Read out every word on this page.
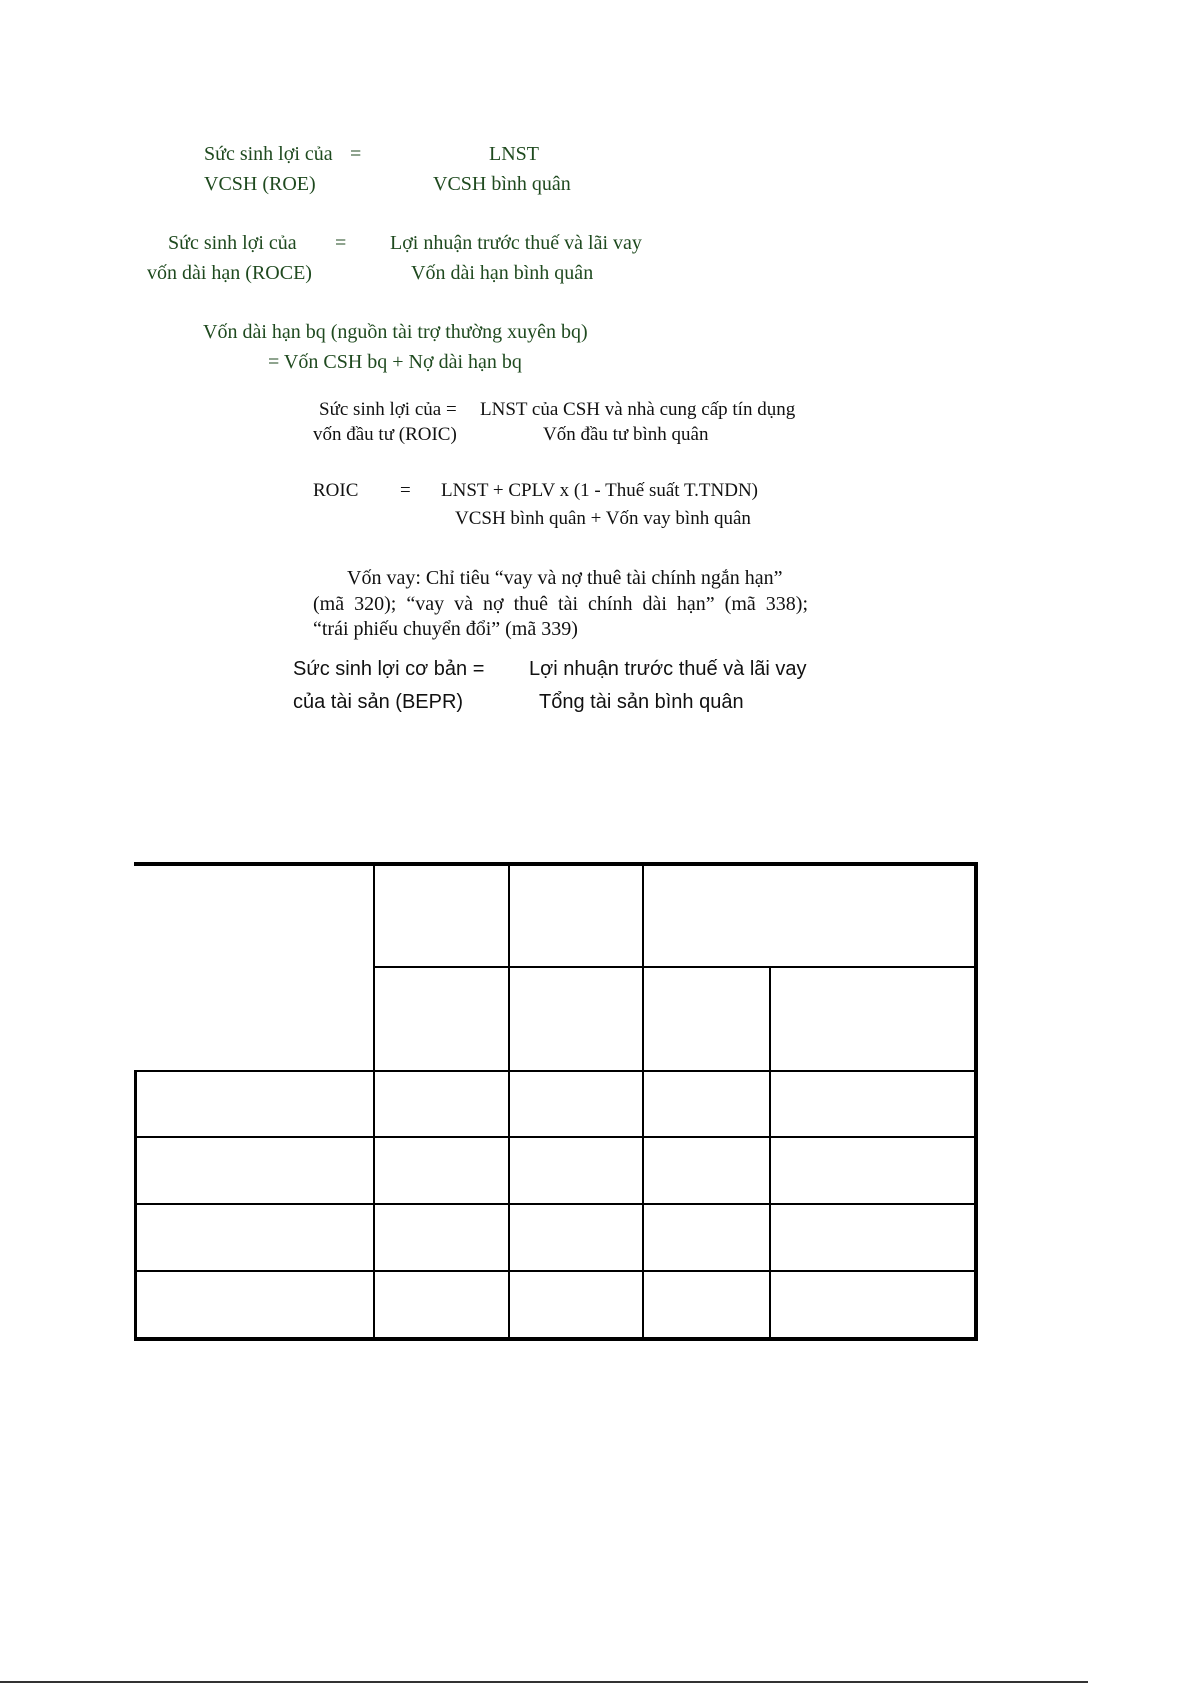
Sức sinh lợi của =	LNST
VCSH (ROE)	VCSH bình quân
Sức sinh lợi của = Lợi nhuận trước thuế và lãi vay
vốn dài hạn (ROCE)	Vốn dài hạn bình quân
Vốn dài hạn bq (nguồn tài trợ thường xuyên bq)
= Vốn CSH bq + Nợ dài hạn bq
Sức sinh lợi của = LNST của CSH và nhà cung cấp tín dụng
vốn đầu tư (ROIC)	Vốn đầu tư bình quân
ROIC = LNST + CPLV x (1 - Thuế suất T.TNDN)
VCSH bình quân + Vốn vay bình quân
Vốn vay: Chỉ tiêu “vay và nợ thuê tài chính ngắn hạn”
(mã 320); “vay và nợ thuê tài chính dài hạn” (mã 338);
“trái phiếu chuyển đổi” (mã 339)
Sức sinh lợi cơ bản = Lợi nhuận trước thuế và lãi vay
của tài sản (BEPR)	Tổng tài sản bình quân
